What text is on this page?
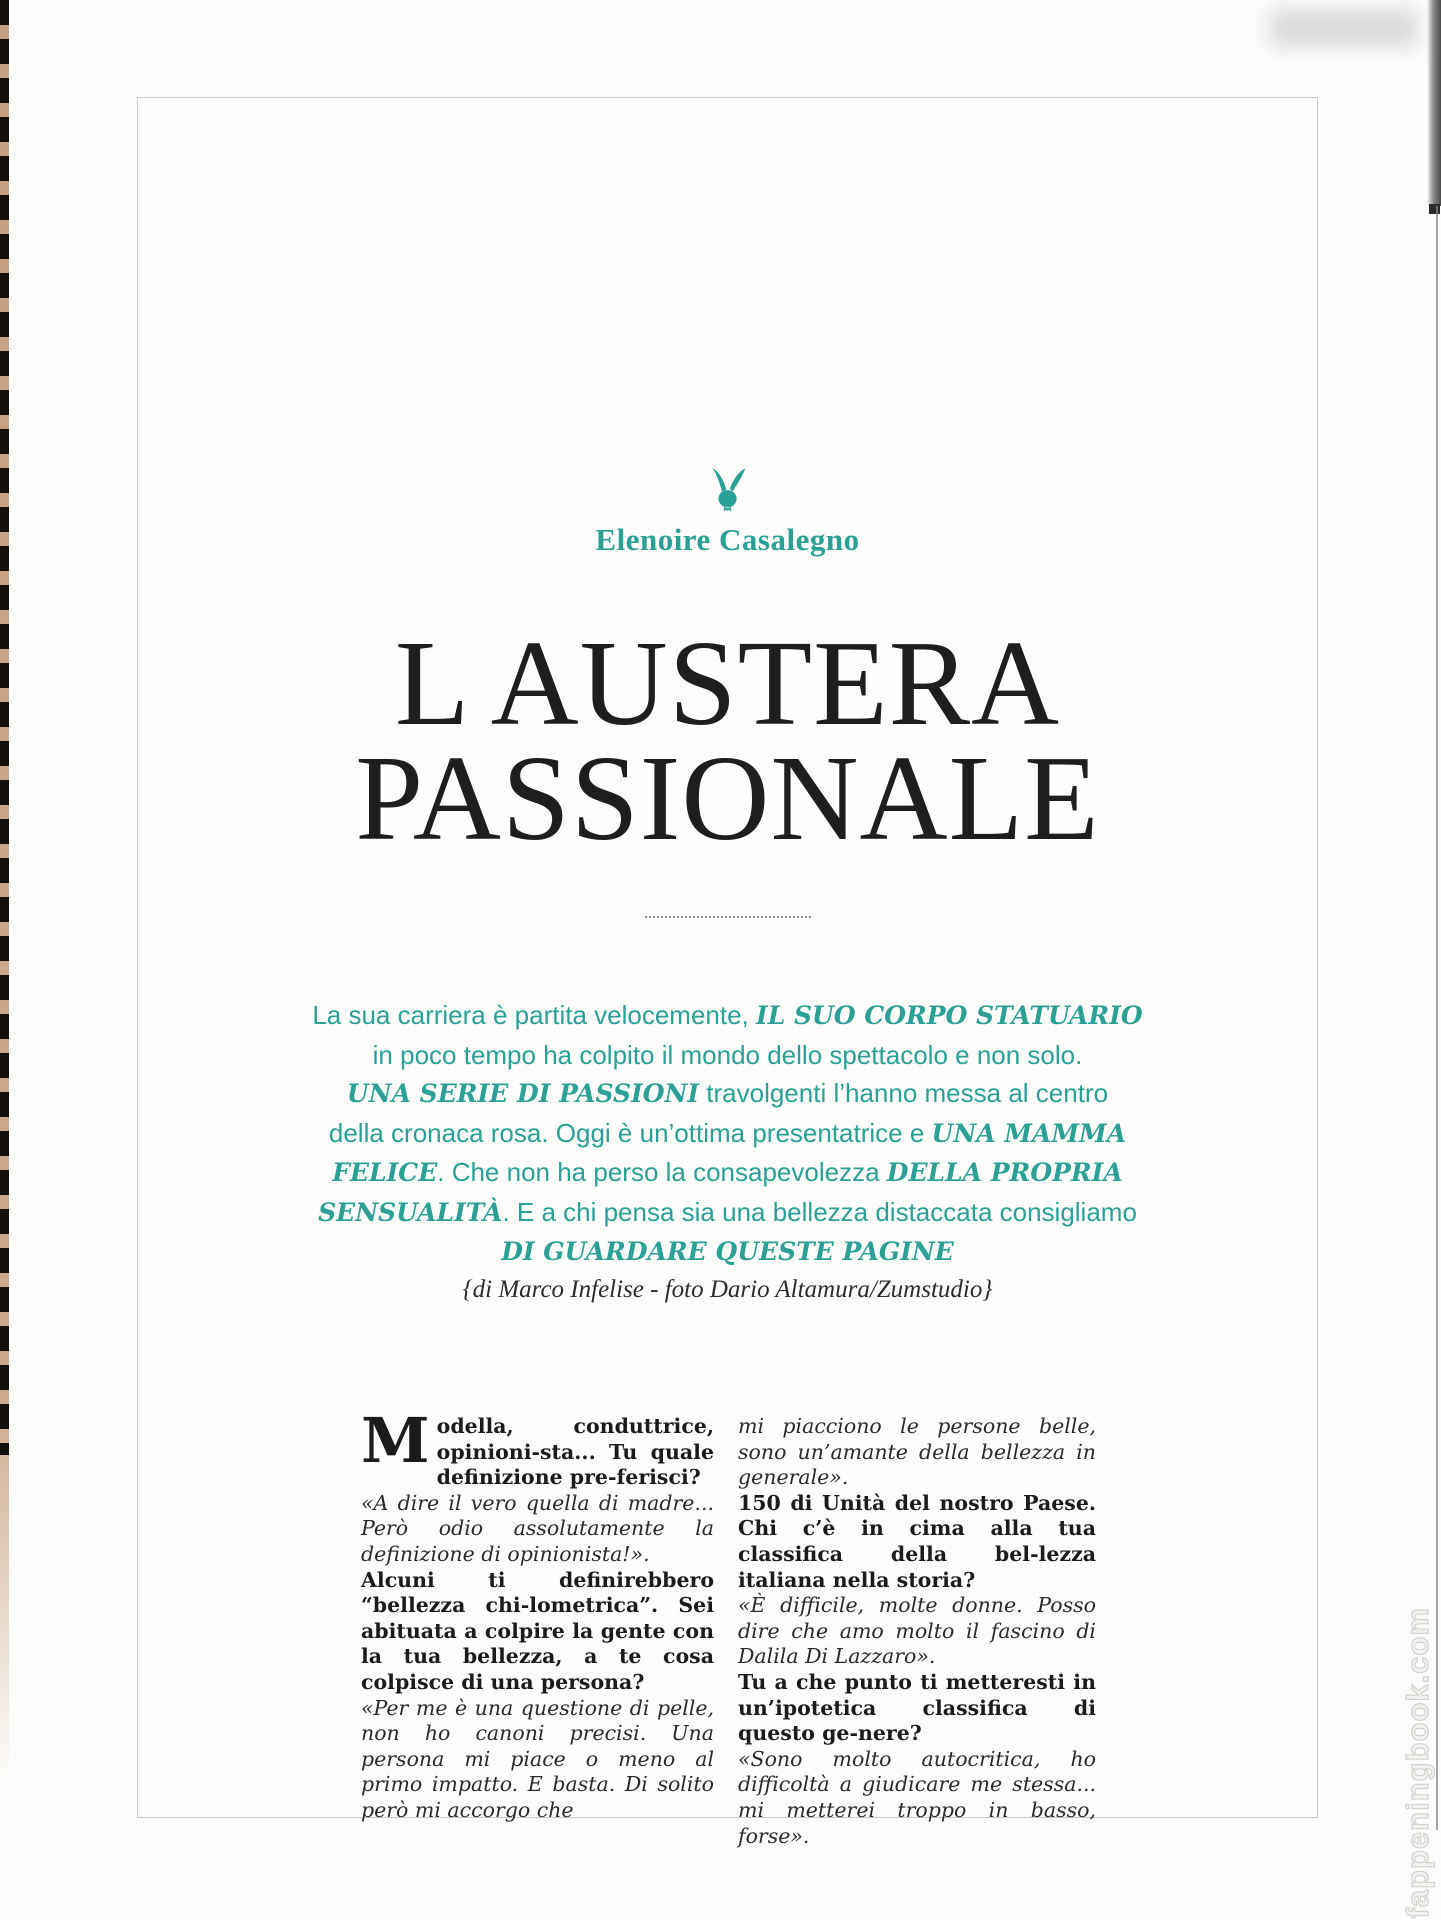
Elenoire Casalegno
L AUSTERA
PASSIONALE
La sua carriera è partita velocemente, IL SUO CORPO STATUARIO
in poco tempo ha colpito il mondo dello spettacolo e non solo.
UNA SERIE DI PASSIONI travolgenti l’hanno messa al centro
della cronaca rosa. Oggi è un’ottima presentatrice e UNA MAMMA
FELICE. Che non ha perso la consapevolezza DELLA PROPRIA
SENSUALITÀ. E a chi pensa sia una bellezza distaccata consigliamo
DI GUARDARE QUESTE PAGINE
{di Marco Infelise - foto Dario Altamura/Zumstudio}

Modella, conduttrice, opinioni-sta... Tu quale definizione pre-ferisci?

«A dire il vero quella di madre... Però odio assolutamente la definizione di opinionista!».

Alcuni ti definirebbero “bellezza chi-lometrica”. Sei abituata a colpire la gente con la tua bellezza, a te cosa colpisce di una persona?

«Per me è una questione di pelle, non ho canoni precisi. Una persona mi piace o meno al primo impatto. E basta. Di solito però mi accorgo che

mi piacciono le persone belle, sono un’amante della bellezza in generale».

150 di Unità del nostro Paese. Chi c’è in cima alla tua classifica della bel-lezza italiana nella storia?

«È difficile, molte donne. Posso dire che amo molto il fascino di Dalila Di Lazzaro».

Tu a che punto ti metteresti in un’ipotetica classifica di questo ge-nere?

«Sono molto autocritica, ho difficoltà a giudicare me stessa... mi metterei troppo in basso, forse».	fappeningbook.com
